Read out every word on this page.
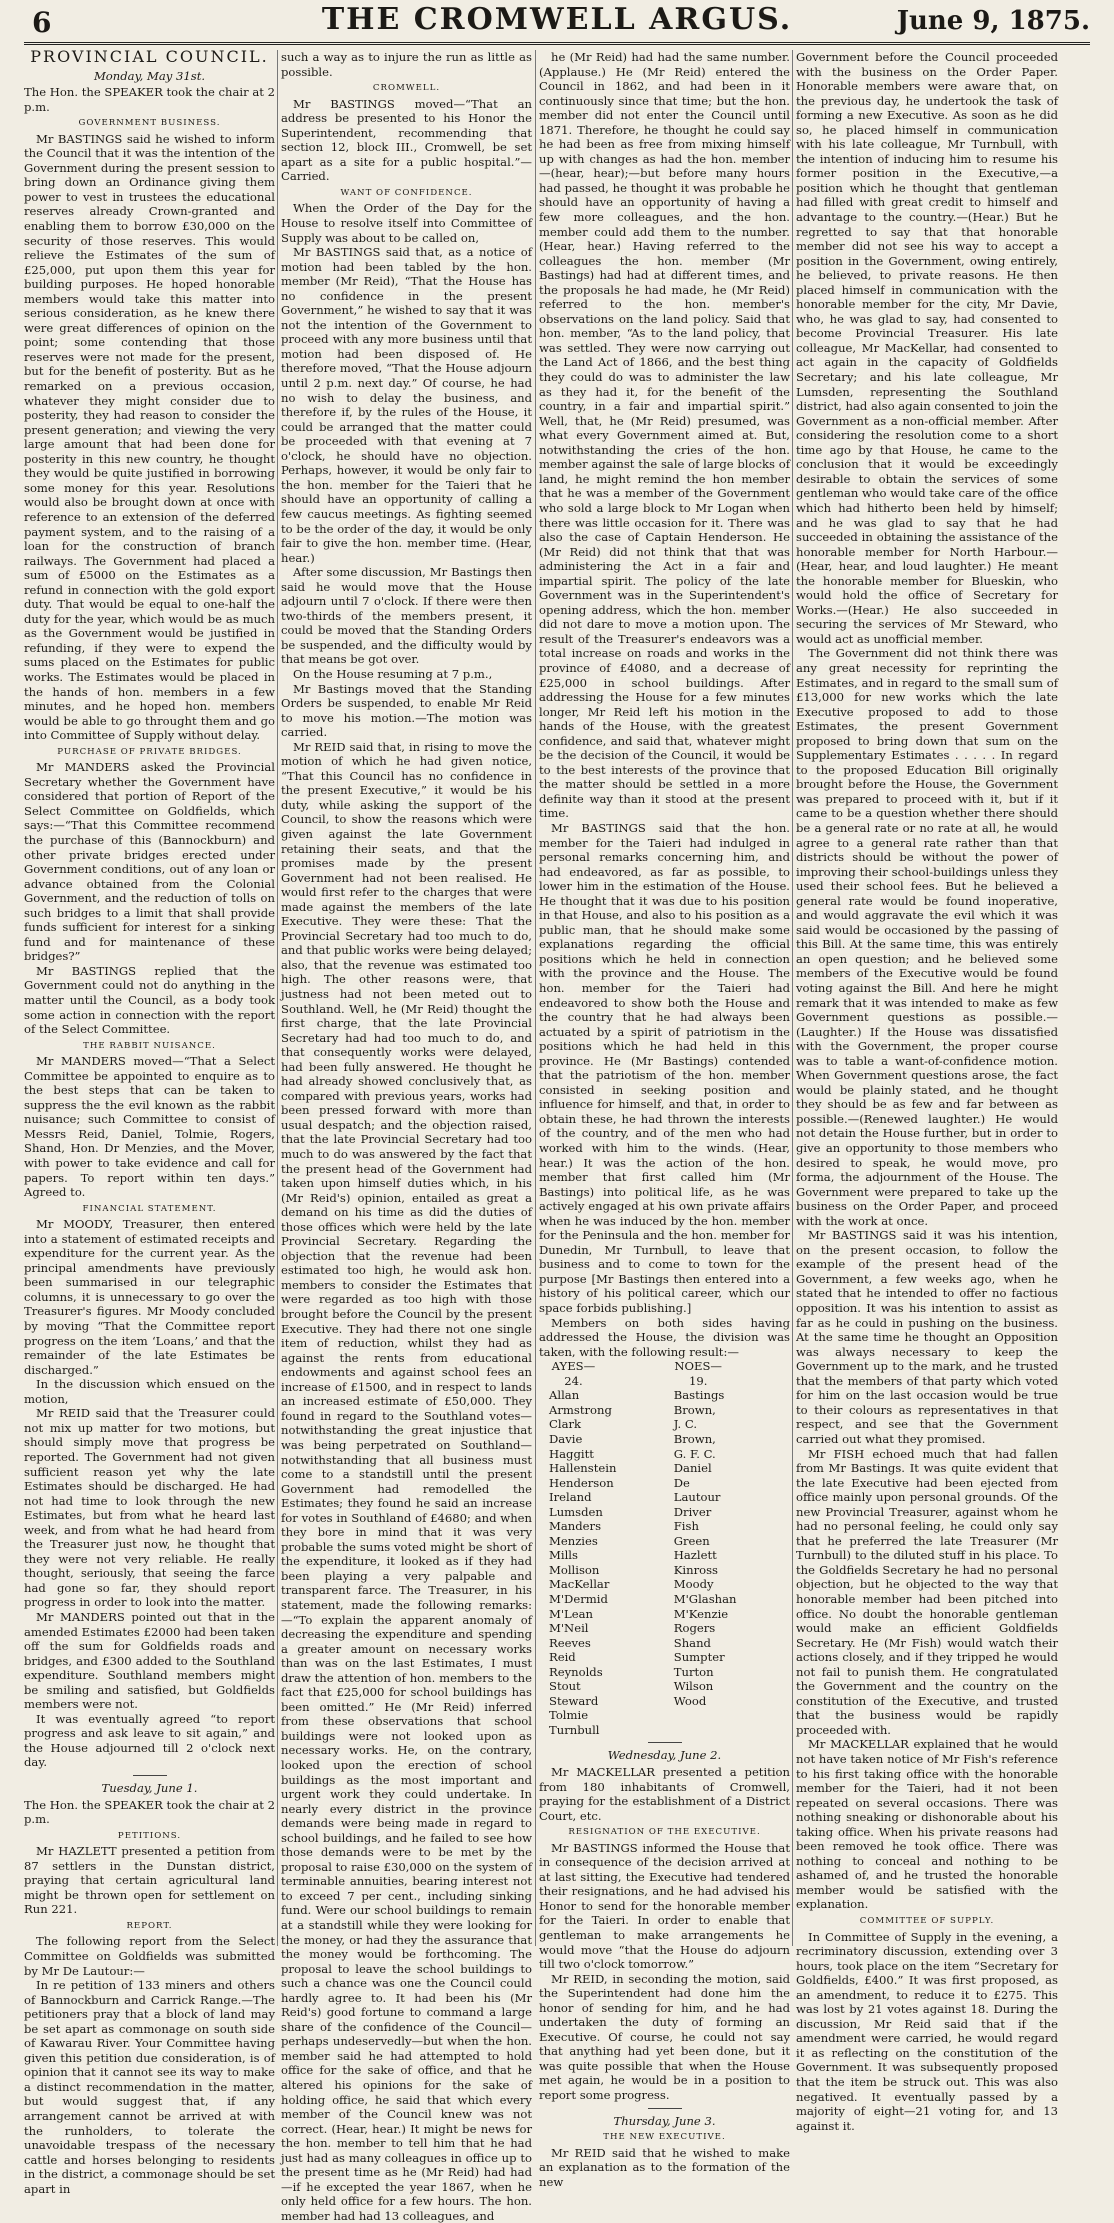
6	THE CROMWELL ARGUS.	June 9, 1875.
PROVINCIAL COUNCIL.
Monday, May 31st.

The Hon. the SPEAKER took the chair at 2 p.m.

GOVERNMENT BUSINESS.

Mr BASTINGS said he wished to inform the Council that it was the intention of the Government during the present session to bring down an Ordinance giving them power to vest in trustees the educational reserves already Crown-granted and enabling them to borrow £30,000 on the security of those reserves. This would relieve the Estimates of the sum of £25,000, put upon them this year for building purposes. He hoped honorable members would take this matter into serious consideration, as he knew there were great differences of opinion on the point; some contending that those reserves were not made for the present, but for the benefit of posterity. But as he remarked on a previous occasion, whatever they might consider due to posterity, they had reason to consider the present generation; and viewing the very large amount that had been done for posterity in this new country, he thought they would be quite justified in borrowing some money for this year. Resolutions would also be brought down at once with reference to an extension of the deferred payment system, and to the raising of a loan for the construction of branch railways. The Government had placed a sum of £5000 on the Estimates as a refund in connection with the gold export duty. That would be equal to one-half the duty for the year, which would be as much as the Government would be justified in refunding, if they were to expend the sums placed on the Estimates for public works. The Estimates would be placed in the hands of hon. members in a few minutes, and he hoped hon. members would be able to go throught them and go into Committee of Supply without delay.

PURCHASE OF PRIVATE BRIDGES.

Mr MANDERS asked the Provincial Secretary whether the Government have considered that portion of Report of the Select Committee on Goldfields, which says:—“That this Committee recommend the purchase of this (Bannockburn) and other private bridges erected under Government conditions, out of any loan or advance obtained from the Colonial Government, and the reduction of tolls on such bridges to a limit that shall provide funds sufficient for interest for a sinking fund and for maintenance of these bridges?”

Mr BASTINGS replied that the Government could not do anything in the matter until the Council, as a body took some action in connection with the report of the Select Committee.

THE RABBIT NUISANCE.

Mr MANDERS moved—“That a Select Committee be appointed to enquire as to the best steps that can be taken to suppress the the evil known as the rabbit nuisance; such Committee to consist of Messrs Reid, Daniel, Tolmie, Rogers, Shand, Hon. Dr Menzies, and the Mover, with power to take evidence and call for papers. To report within ten days.” Agreed to.

FINANCIAL STATEMENT.

Mr MOODY, Treasurer, then entered into a statement of estimated receipts and expenditure for the current year. As the principal amendments have previously been summarised in our telegraphic columns, it is unnecessary to go over the Treasurer's figures. Mr Moody concluded by moving “That the Committee report progress on the item ‘Loans,’ and that the remainder of the late Estimates be discharged.”

In the discussion which ensued on the motion,

Mr REID said that the Treasurer could not mix up matter for two motions, but should simply move that progress be reported. The Government had not given sufficient reason yet why the late Estimates should be discharged. He had not had time to look through the new Estimates, but from what he heard last week, and from what he had heard from the Treasurer just now, he thought that they were not very reliable. He really thought, seriously, that seeing the farce had gone so far, they should report progress in order to look into the matter.

Mr MANDERS pointed out that in the amended Estimates £2000 had been taken off the sum for Goldfields roads and bridges, and £300 added to the Southland expenditure. Southland members might be smiling and satisfied, but Goldfields members were not.

It was eventually agreed “to report progress and ask leave to sit again,” and the House adjourned till 2 o'clock next day.

Tuesday, June 1.

The Hon. the SPEAKER took the chair at 2 p.m.

PETITIONS.

Mr HAZLETT presented a petition from 87 settlers in the Dunstan district, praying that certain agricultural land might be thrown open for settlement on Run 221.

REPORT.

The following report from the Select Committee on Goldfields was submitted by Mr De Lautour:—

In re petition of 133 miners and others of Bannockburn and Carrick Range.—The petitioners pray that a block of land may be set apart as commonage on south side of Kawarau River. Your Committee having given this petition due consideration, is of opinion that it cannot see its way to make a distinct recommendation in the matter, but would suggest that, if any arrangement cannot be arrived at with the runholders, to tolerate the unavoidable trespass of the necessary cattle and horses belonging to residents in the district, a commonage should be set apart in

such a way as to injure the run as little as possible.

CROMWELL.

Mr BASTINGS moved—“That an address be presented to his Honor the Superintendent, recommending that section 12, block III., Cromwell, be set apart as a site for a public hospital.”—Carried.

WANT OF CONFIDENCE.

When the Order of the Day for the House to resolve itself into Committee of Supply was about to be called on,

Mr BASTINGS said that, as a notice of motion had been tabled by the hon. member (Mr Reid), “That the House has no confidence in the present Government,” he wished to say that it was not the intention of the Government to proceed with any more business until that motion had been disposed of. He therefore moved, “That the House adjourn until 2 p.m. next day.” Of course, he had no wish to delay the business, and therefore if, by the rules of the House, it could be arranged that the matter could be proceeded with that evening at 7 o'clock, he should have no objection. Perhaps, however, it would be only fair to the hon. member for the Taieri that he should have an opportunity of calling a few caucus meetings. As fighting seemed to be the order of the day, it would be only fair to give the hon. member time. (Hear, hear.)

After some discussion, Mr Bastings then said he would move that the House adjourn until 7 o'clock. If there were then two-thirds of the members present, it could be moved that the Standing Orders be suspended, and the difficulty would by that means be got over.

On the House resuming at 7 p.m.,

Mr Bastings moved that the Standing Orders be suspended, to enable Mr Reid to move his motion.—The motion was carried.

Mr REID said that, in rising to move the motion of which he had given notice, “That this Council has no confidence in the present Executive,” it would be his duty, while asking the support of the Council, to show the reasons which were given against the late Government retaining their seats, and that the promises made by the present Government had not been realised. He would first refer to the charges that were made against the members of the late Executive. They were these: That the Provincial Secretary had too much to do, and that public works were being delayed; also, that the revenue was estimated too high. The other reasons were, that justness had not been meted out to Southland. Well, he (Mr Reid) thought the first charge, that the late Provincial Secretary had had too much to do, and that consequently works were delayed, had been fully answered. He thought he had already showed conclusively that, as compared with previous years, works had been pressed forward with more than usual despatch; and the objection raised, that the late Provincial Secretary had too much to do was answered by the fact that the present head of the Government had taken upon himself duties which, in his (Mr Reid's) opinion, entailed as great a demand on his time as did the duties of those offices which were held by the late Provincial Secretary. Regarding the objection that the revenue had been estimated too high, he would ask hon. members to consider the Estimates that were regarded as too high with those brought before the Council by the present Executive. They had there not one single item of reduction, whilst they had as against the rents from educational endowments and against school fees an increase of £1500, and in respect to lands an increased estimate of £50,000. They found in regard to the Southland votes—notwithstanding the great injustice that was being perpetrated on Southland—notwithstanding that all business must come to a standstill until the present Government had remodelled the Estimates; they found he said an increase for votes in Southland of £4680; and when they bore in mind that it was very probable the sums voted might be short of the expenditure, it looked as if they had been playing a very palpable and transparent farce. The Treasurer, in his statement, made the following remarks:—“To explain the apparent anomaly of decreasing the expenditure and spending a greater amount on necessary works than was on the last Estimates, I must draw the attention of hon. members to the fact that £25,000 for school buildings has been omitted.” He (Mr Reid) inferred from these observations that school buildings were not looked upon as necessary works. He, on the contrary, looked upon the erection of school buildings as the most important and urgent work they could undertake. In nearly every district in the province demands were being made in regard to school buildings, and he failed to see how those demands were to be met by the proposal to raise £30,000 on the system of terminable annuities, bearing interest not to exceed 7 per cent., including sinking fund. Were our school buildings to remain at a standstill while they were looking for the money, or had they the assurance that the money would be forthcoming. The proposal to leave the school buildings to such a chance was one the Council could hardly agree to. It had been his (Mr Reid's) good fortune to command a large share of the confidence of the Council—perhaps undeservedly—but when the hon. member said he had attempted to hold office for the sake of office, and that he altered his opinions for the sake of holding office, he said that which every member of the Council knew was not correct. (Hear, hear.) It might be news for the hon. member to tell him that he had just had as many colleagues in office up to the present time as he (Mr Reid) had had—if he excepted the year 1867, when he only held office for a few hours. The hon. member had had 13 colleagues, and

he (Mr Reid) had had the same number. (Applause.) He (Mr Reid) entered the Council in 1862, and had been in it continuously since that time; but the hon. member did not enter the Council until 1871. Therefore, he thought he could say he had been as free from mixing himself up with changes as had the hon. member—(hear, hear);—but before many hours had passed, he thought it was probable he should have an opportunity of having a few more colleagues, and the hon. member could add them to the number. (Hear, hear.) Having referred to the colleagues the hon. member (Mr Bastings) had had at different times, and the proposals he had made, he (Mr Reid) referred to the hon. member's observations on the land policy. Said that hon. member, “As to the land policy, that was settled. They were now carrying out the Land Act of 1866, and the best thing they could do was to administer the law as they had it, for the benefit of the country, in a fair and impartial spirit.” Well, that, he (Mr Reid) presumed, was what every Government aimed at. But, notwithstanding the cries of the hon. member against the sale of large blocks of land, he might remind the hon member that he was a member of the Government who sold a large block to Mr Logan when there was little occasion for it. There was also the case of Captain Henderson. He (Mr Reid) did not think that that was administering the Act in a fair and impartial spirit. The policy of the late Government was in the Superintendent's opening address, which the hon. member did not dare to move a motion upon. The result of the Treasurer's endeavors was a total increase on roads and works in the province of £4080, and a decrease of £25,000 in school buildings. After addressing the House for a few minutes longer, Mr Reid left his motion in the hands of the House, with the greatest confidence, and said that, whatever might be the decision of the Council, it would be to the best interests of the province that the matter should be settled in a more definite way than it stood at the present time.

Mr BASTINGS said that the hon. member for the Taieri had indulged in personal remarks concerning him, and had endeavored, as far as possible, to lower him in the estimation of the House. He thought that it was due to his position in that House, and also to his position as a public man, that he should make some explanations regarding the official positions which he held in connection with the province and the House. The hon. member for the Taieri had endeavored to show both the House and the country that he had always been actuated by a spirit of patriotism in the positions which he had held in this province. He (Mr Bastings) contended that the patriotism of the hon. member consisted in seeking position and influence for himself, and that, in order to obtain these, he had thrown the interests of the country, and of the men who had worked with him to the winds. (Hear, hear.) It was the action of the hon. member that first called him (Mr Bastings) into political life, as he was actively engaged at his own private affairs when he was induced by the hon. member for the Peninsula and the hon. member for Dunedin, Mr Turnbull, to leave that business and to come to town for the purpose [Mr Bastings then entered into a history of his political career, which our space forbids publishing.]

Members on both sides having addressed the House, the division was taken, with the following result:—

AYES—24.
Allan
Armstrong
Clark
Davie
Haggitt
Hallenstein
Henderson
Ireland
Lumsden
Manders
Menzies
Mills
Mollison
MacKellar
M'Dermid
M'Lean
M'Neil
Reeves
Reid
Reynolds
Stout
Steward
Tolmie
Turnbull
NOES—19.
Bastings
Brown, J. C.
Brown, G. F. C.
Daniel
De Lautour
Driver
Fish
Green
Hazlett
Kinross
Moody
M'Glashan
M'Kenzie
Rogers
Shand
Sumpter
Turton
Wilson
Wood
Wednesday, June 2.

Mr MACKELLAR presented a petition from 180 inhabitants of Cromwell, praying for the establishment of a District Court, etc.

RESIGNATION OF THE EXECUTIVE.

Mr BASTINGS informed the House that in consequence of the decision arrived at at last sitting, the Executive had tendered their resignations, and he had advised his Honor to send for the honorable member for the Taieri. In order to enable that gentleman to make arrangements he would move “that the House do adjourn till two o'clock tomorrow.”

Mr REID, in seconding the motion, said the Superintendent had done him the honor of sending for him, and he had undertaken the duty of forming an Executive. Of course, he could not say that anything had yet been done, but it was quite possible that when the House met again, he would be in a position to report some progress.

Thursday, June 3.
THE NEW EXECUTIVE.

Mr REID said that he wished to make an explanation as to the formation of the new

Government before the Council proceeded with the business on the Order Paper. Honorable members were aware that, on the previous day, he undertook the task of forming a new Executive. As soon as he did so, he placed himself in communication with his late colleague, Mr Turnbull, with the intention of inducing him to resume his former position in the Executive,—a position which he thought that gentleman had filled with great credit to himself and advantage to the country.—(Hear.) But he regretted to say that that honorable member did not see his way to accept a position in the Government, owing entirely, he believed, to private reasons. He then placed himself in communication with the honorable member for the city, Mr Davie, who, he was glad to say, had consented to become Provincial Treasurer. His late colleague, Mr MacKellar, had consented to act again in the capacity of Goldfields Secretary; and his late colleague, Mr Lumsden, representing the Southland district, had also again consented to join the Government as a non-official member. After considering the resolution come to a short time ago by that House, he came to the conclusion that it would be exceedingly desirable to obtain the services of some gentleman who would take care of the office which had hitherto been held by himself; and he was glad to say that he had succeeded in obtaining the assistance of the honorable member for North Harbour.—(Hear, hear, and loud laughter.) He meant the honorable member for Blueskin, who would hold the office of Secretary for Works.—(Hear.) He also succeeded in securing the services of Mr Steward, who would act as unofficial member.

The Government did not think there was any great necessity for reprinting the Estimates, and in regard to the small sum of £13,000 for new works which the late Executive proposed to add to those Estimates, the present Government proposed to bring down that sum on the Supplementary Estimates . . . . . In regard to the proposed Education Bill originally brought before the House, the Government was prepared to proceed with it, but if it came to be a question whether there should be a general rate or no rate at all, he would agree to a general rate rather than that districts should be without the power of improving their school-buildings unless they used their school fees. But he believed a general rate would be found inoperative, and would aggravate the evil which it was said would be occasioned by the passing of this Bill. At the same time, this was entirely an open question; and he believed some members of the Executive would be found voting against the Bill. And here he might remark that it was intended to make as few Government questions as possible.—(Laughter.) If the House was dissatisfied with the Government, the proper course was to table a want-of-confidence motion. When Government questions arose, the fact would be plainly stated, and he thought they should be as few and far between as possible.—(Renewed laughter.) He would not detain the House further, but in order to give an opportunity to those members who desired to speak, he would move, pro forma, the adjournment of the House. The Government were prepared to take up the business on the Order Paper, and proceed with the work at once.

Mr BASTINGS said it was his intention, on the present occasion, to follow the example of the present head of the Government, a few weeks ago, when he stated that he intended to offer no factious opposition. It was his intention to assist as far as he could in pushing on the business. At the same time he thought an Opposition was always necessary to keep the Government up to the mark, and he trusted that the members of that party which voted for him on the last occasion would be true to their colours as representatives in that respect, and see that the Government carried out what they promised.

Mr FISH echoed much that had fallen from Mr Bastings. It was quite evident that the late Executive had been ejected from office mainly upon personal grounds. Of the new Provincial Treasurer, against whom he had no personal feeling, he could only say that he preferred the late Treasurer (Mr Turnbull) to the diluted stuff in his place. To the Goldfields Secretary he had no personal objection, but he objected to the way that honorable member had been pitched into office. No doubt the honorable gentleman would make an efficient Goldfields Secretary. He (Mr Fish) would watch their actions closely, and if they tripped he would not fail to punish them. He congratulated the Government and the country on the constitution of the Executive, and trusted that the business would be rapidly proceeded with.

Mr MACKELLAR explained that he would not have taken notice of Mr Fish's reference to his first taking office with the honorable member for the Taieri, had it not been repeated on several occasions. There was nothing sneaking or dishonorable about his taking office. When his private reasons had been removed he took office. There was nothing to conceal and nothing to be ashamed of, and he trusted the honorable member would be satisfied with the explanation.

COMMITTEE OF SUPPLY.

In Committee of Supply in the evening, a recriminatory discussion, extending over 3 hours, took place on the item “Secretary for Goldfields, £400.” It was first proposed, as an amendment, to reduce it to £275. This was lost by 21 votes against 18. During the discussion, Mr Reid said that if the amendment were carried, he would regard it as reflecting on the constitution of the Government. It was subsequently proposed that the item be struck out. This was also negatived. It eventually passed by a majority of eight—21 voting for, and 13 against it.
